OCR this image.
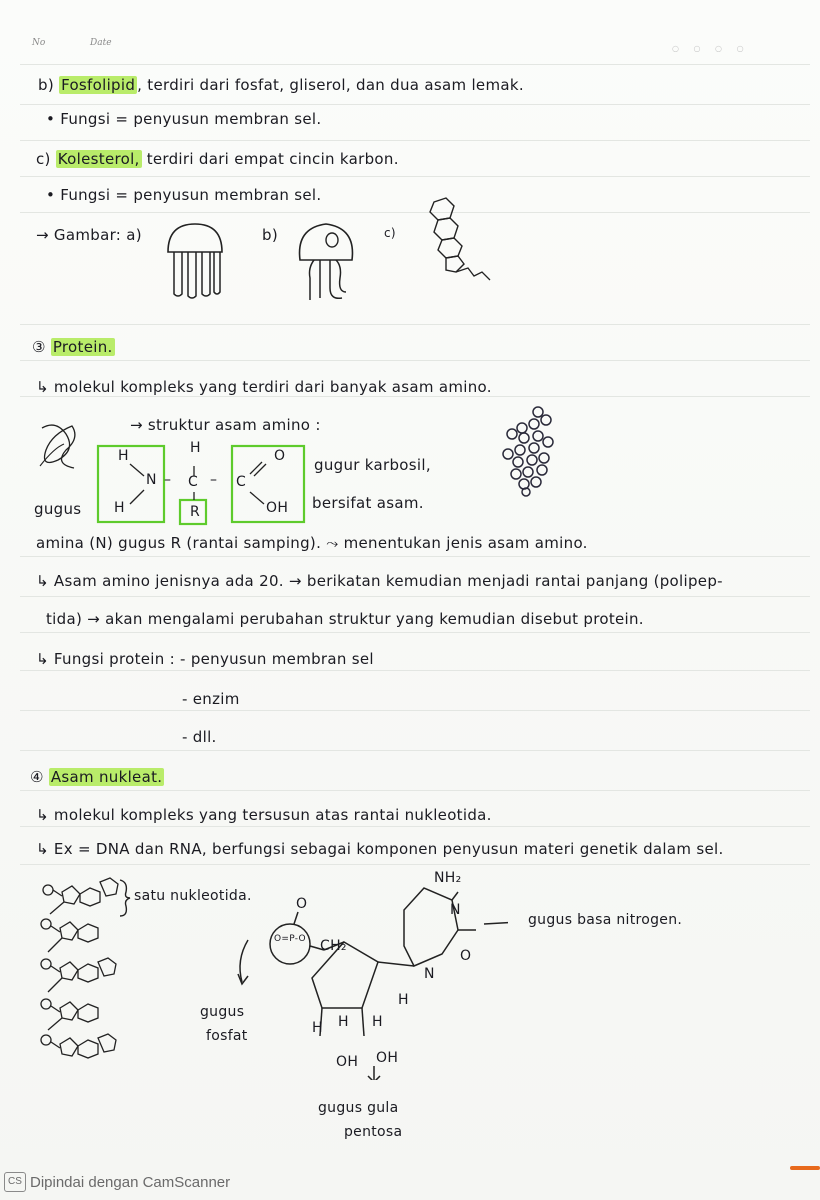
No	Date
○ ○ ○ ○
b) Fosfolipid , terdiri dari fosfat, gliserol, dan dua asam lemak.
• Fungsi = penyusun membran sel.
c) Kolesterol, terdiri dari empat cincin karbon.
• Fungsi = penyusun membran sel.
→ Gambar: a)	b)	c)
③ Protein.
↳ molekul kompleks yang terdiri dari banyak asam amino.
→ struktur asam amino :
H
H
N –
H
C – C
O
OH
R
gugur karbosil,
bersifat asam.
gugus
amina (N) gugus R (rantai samping). ⤳ menentukan jenis asam amino.
↳ Asam amino jenisnya ada 20. → berikatan kemudian menjadi rantai panjang (polipep-
tida) → akan mengalami perubahan struktur yang kemudian disebut protein.
↳ Fungsi protein : - penyusun membran sel
- enzim
- dll.
④ Asam nukleat.
↳ molekul kompleks yang tersusun atas rantai nukleotida.
↳ Ex = DNA dan RNA, berfungsi sebagai komponen penyusun materi genetik dalam sel.
satu nukleotida.
NH₂
N
N
O
CH₂
O=P-O
O
H
H H H
OH OH
gugus basa nitrogen.
gugus
fosfat
gugus gula
pentosa
CS Dipindai dengan CamScanner
